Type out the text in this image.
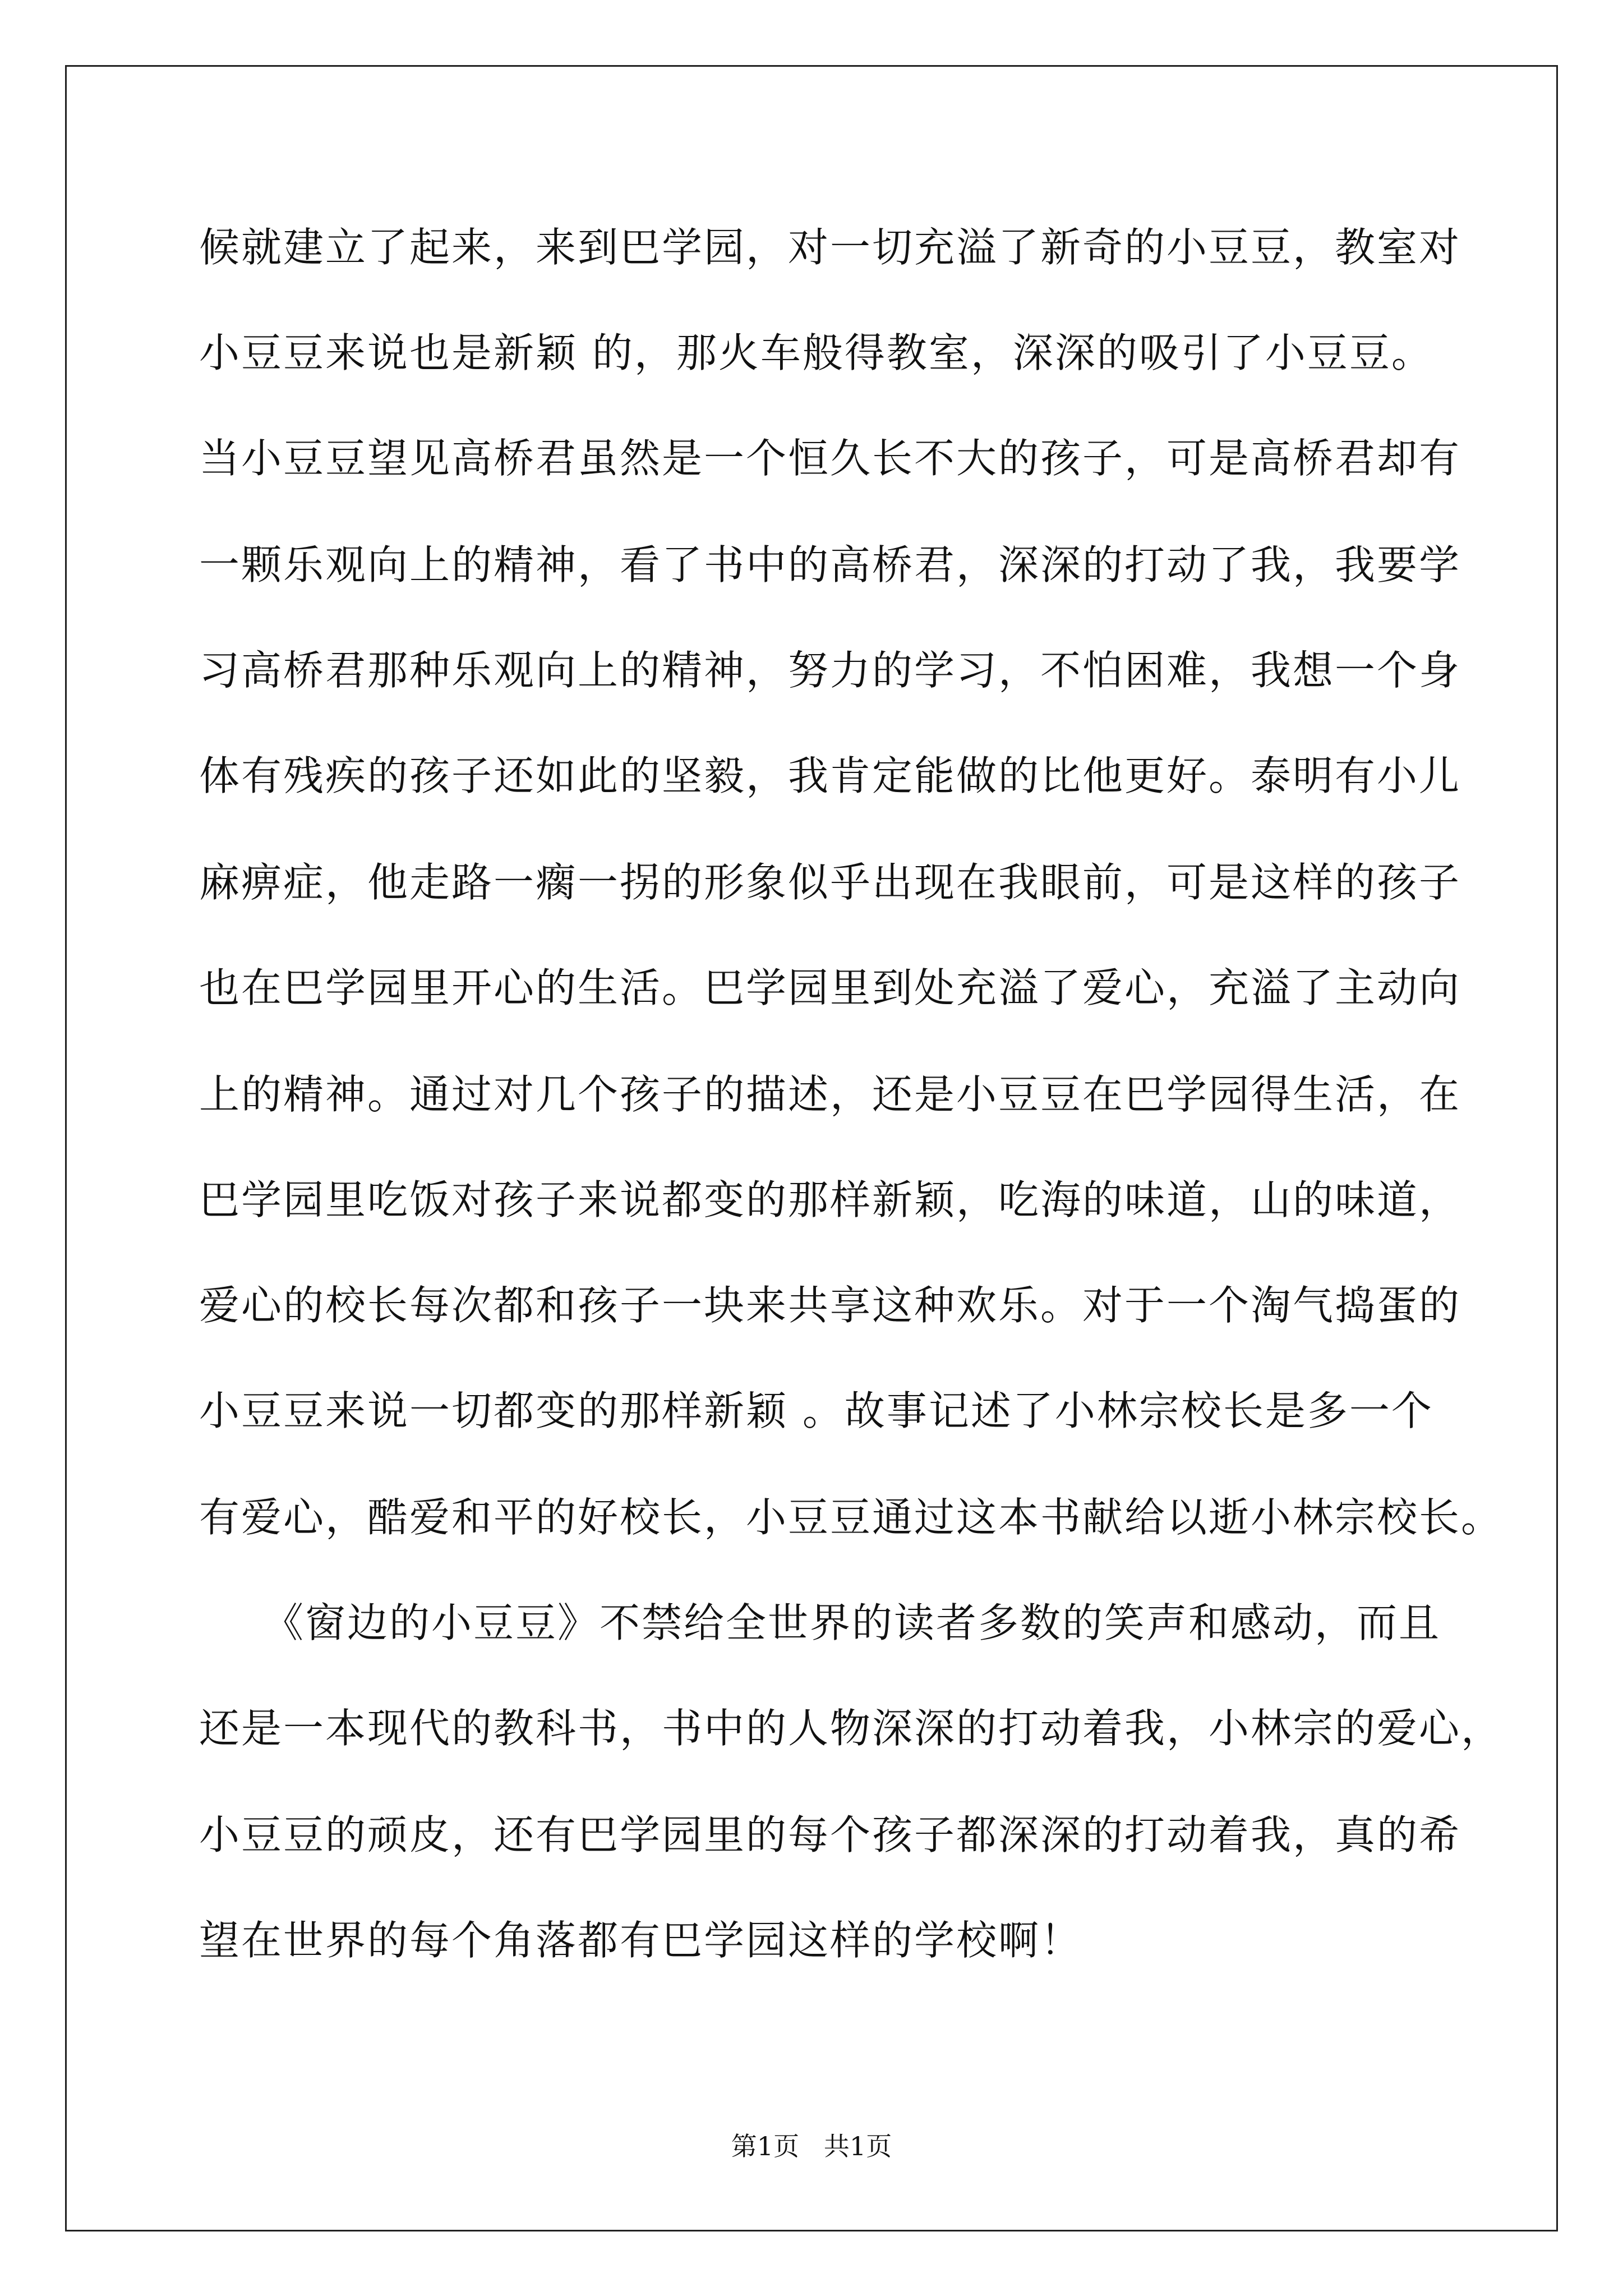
候就建立了起来，来到巴学园，对一切充溢了新奇的小豆豆，教室对
小豆豆来说也是新颖 的，那火车般得教室，深深的吸引了小豆豆。
当小豆豆望见高桥君虽然是一个恒久长不大的孩子，可是高桥君却有
一颗乐观向上的精神，看了书中的高桥君，深深的打动了我，我要学
习高桥君那种乐观向上的精神，努力的学习，不怕困难，我想一个身
体有残疾的孩子还如此的坚毅，我肯定能做的比他更好。泰明有小儿
麻痹症，他走路一瘸一拐的形象似乎出现在我眼前，可是这样的孩子
也在巴学园里开心的生活。巴学园里到处充溢了爱心，充溢了主动向
上的精神。通过对几个孩子的描述，还是小豆豆在巴学园得生活，在
巴学园里吃饭对孩子来说都变的那样新颖，吃海的味道，山的味道，
爱心的校长每次都和孩子一块来共享这种欢乐。对于一个淘气捣蛋的
小豆豆来说一切都变的那样新颖 。故事记述了小林宗校长是多一个
有爱心，酷爱和平的好校长，小豆豆通过这本书献给以逝小林宗校长。
　　《窗边的小豆豆》不禁给全世界的读者多数的笑声和感动，而且
还是一本现代的教科书，书中的人物深深的打动着我，小林宗的爱心，
小豆豆的顽皮，还有巴学园里的每个孩子都深深的打动着我，真的希
望在世界的每个角落都有巴学园这样的学校啊！
第1页   共1页
